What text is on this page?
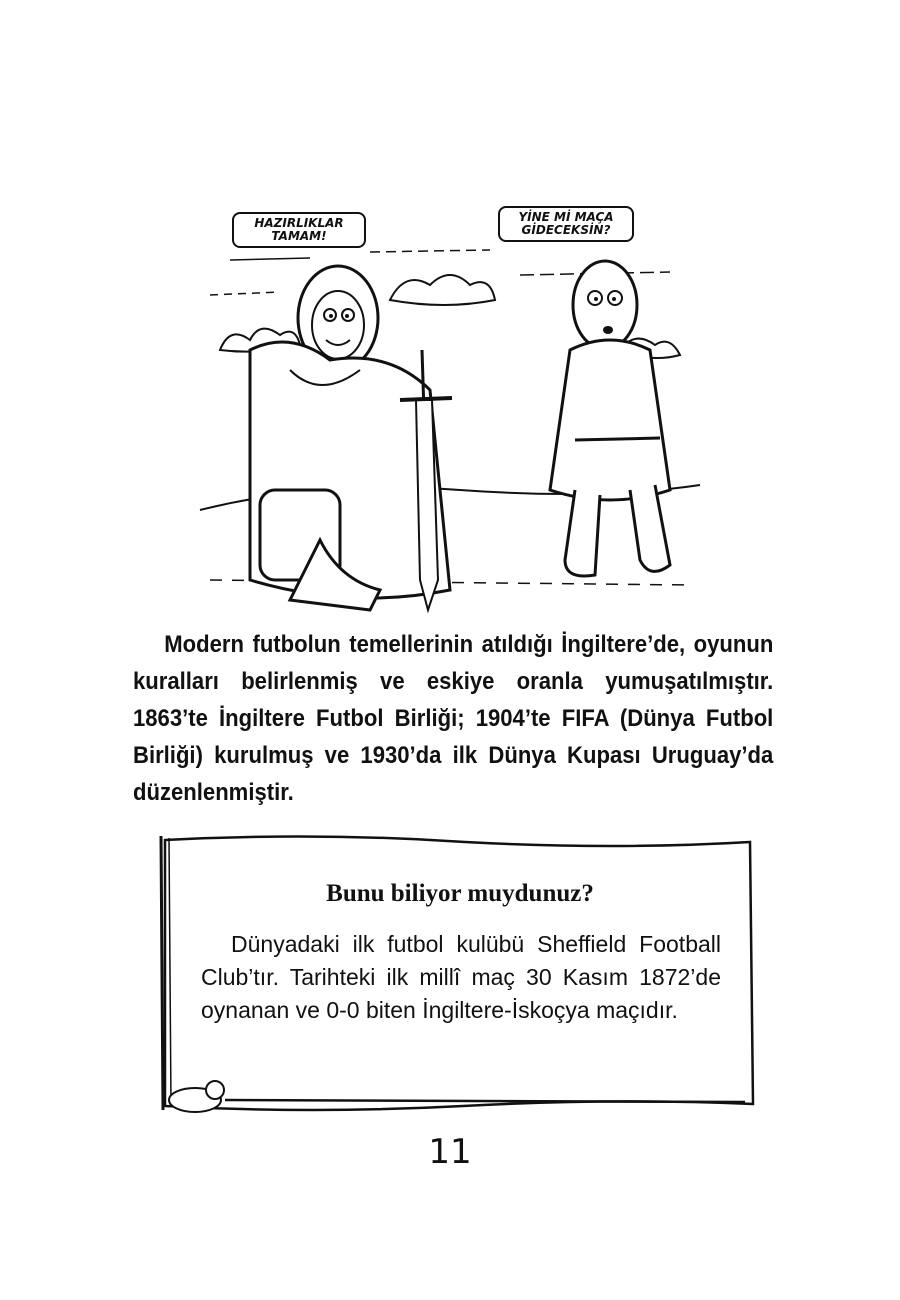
HAZIRLIKLAR TAMAM!
YİNE Mİ MAÇA GİDECEKSİN?

Modern futbolun temellerinin atıldığı İngiltere’de, oyunun kuralları belirlenmiş ve eskiye oranla yumuşatılmıştır. 1863’te İngiltere Futbol Birliği; 1904’te FIFA (Dünya Futbol Birliği) kurulmuş ve 1930’da ilk Dünya Kupası Uruguay’da düzenlenmiştir.

Bunu biliyor muydunuz?

Dünyadaki ilk futbol kulübü Sheffield Football Club’tır. Tarihteki ilk millî maç 30 Kasım 1872’de oynanan ve 0-0 biten İngiltere-İskoçya maçıdır.

11
